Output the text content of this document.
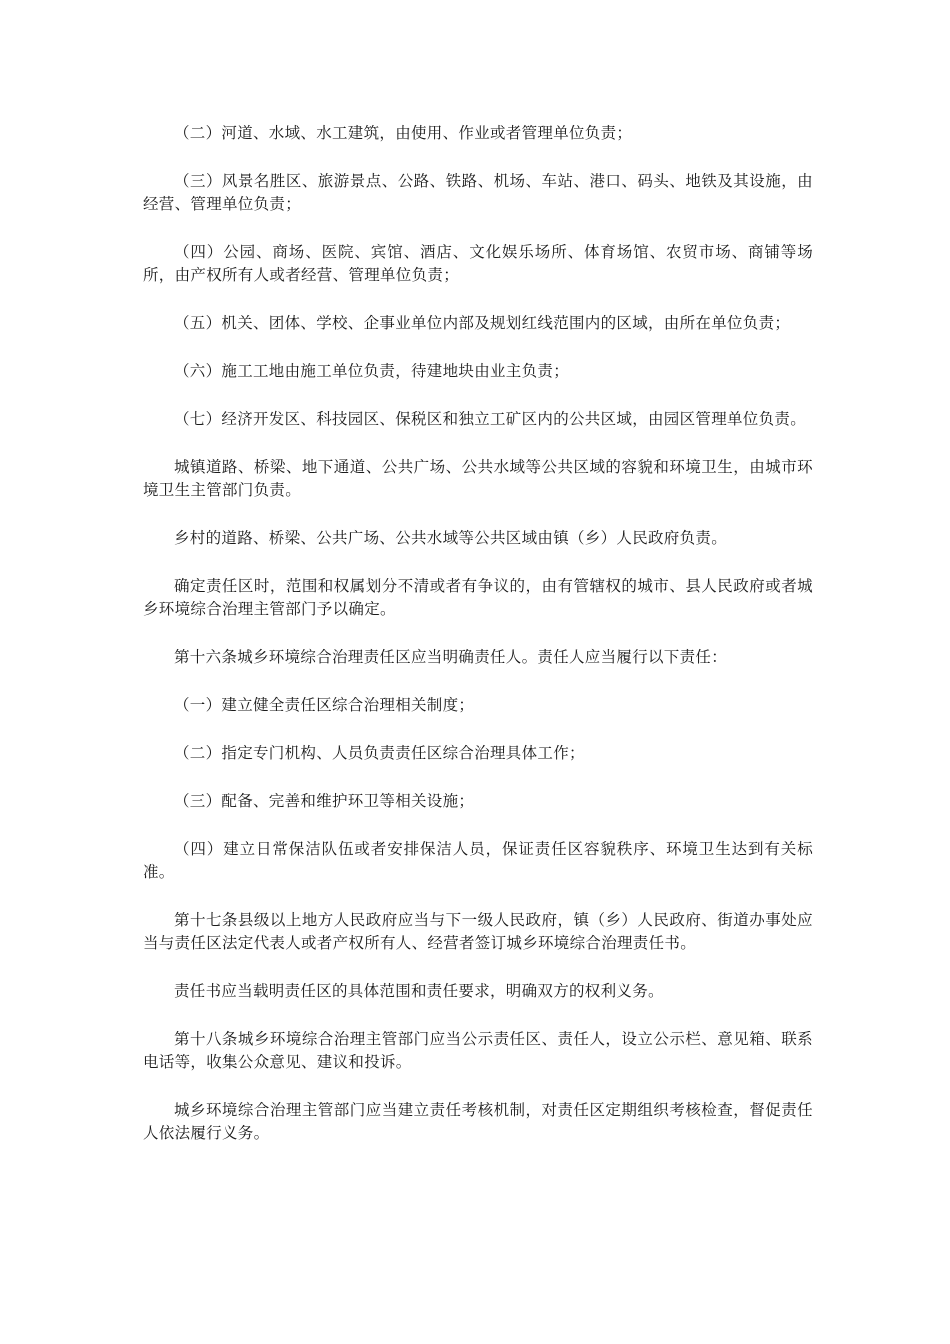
（二）河道、水域、水工建筑，由使用、作业或者管理单位负责；

（三）风景名胜区、旅游景点、公路、铁路、机场、车站、港口、码头、地铁及其设施，由经营、管理单位负责；

（四）公园、商场、医院、宾馆、酒店、文化娱乐场所、体育场馆、农贸市场、商铺等场所，由产权所有人或者经营、管理单位负责；

（五）机关、团体、学校、企事业单位内部及规划红线范围内的区域，由所在单位负责；

（六）施工工地由施工单位负责，待建地块由业主负责；

（七）经济开发区、科技园区、保税区和独立工矿区内的公共区域，由园区管理单位负责。

城镇道路、桥梁、地下通道、公共广场、公共水域等公共区域的容貌和环境卫生，由城市环境卫生主管部门负责。

乡村的道路、桥梁、公共广场、公共水域等公共区域由镇（乡）人民政府负责。

确定责任区时，范围和权属划分不清或者有争议的，由有管辖权的城市、县人民政府或者城乡环境综合治理主管部门予以确定。

第十六条城乡环境综合治理责任区应当明确责任人。责任人应当履行以下责任：

（一）建立健全责任区综合治理相关制度；

（二）指定专门机构、人员负责责任区综合治理具体工作；

（三）配备、完善和维护环卫等相关设施；

（四）建立日常保洁队伍或者安排保洁人员，保证责任区容貌秩序、环境卫生达到有关标准。

第十七条县级以上地方人民政府应当与下一级人民政府，镇（乡）人民政府、街道办事处应当与责任区法定代表人或者产权所有人、经营者签订城乡环境综合治理责任书。

责任书应当载明责任区的具体范围和责任要求，明确双方的权利义务。

第十八条城乡环境综合治理主管部门应当公示责任区、责任人，设立公示栏、意见箱、联系电话等，收集公众意见、建议和投诉。

城乡环境综合治理主管部门应当建立责任考核机制，对责任区定期组织考核检查，督促责任人依法履行义务。
